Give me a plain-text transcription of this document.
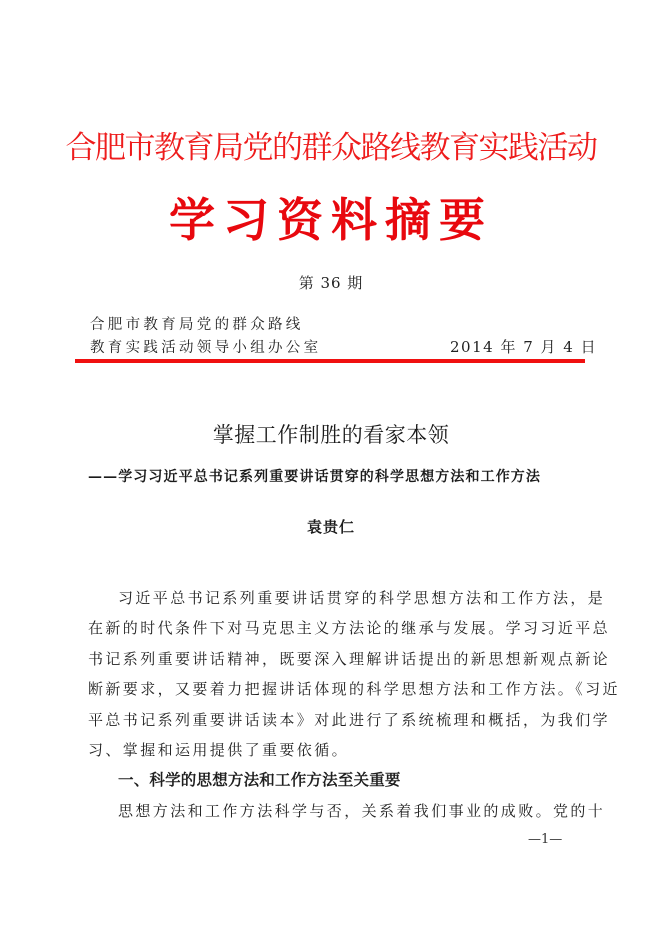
合肥市教育局党的群众路线教育实践活动
学习资料摘要
第 36 期
合肥市教育局党的群众路线
教育实践活动领导小组办公室	2014 年 7 月 4 日
掌握工作制胜的看家本领
——学习习近平总书记系列重要讲话贯穿的科学思想方法和工作方法
袁贵仁
习近平总书记系列重要讲话贯穿的科学思想方法和工作方法，是
在新的时代条件下对马克思主义方法论的继承与发展。学习习近平总
书记系列重要讲话精神，既要深入理解讲话提出的新思想新观点新论
断新要求，又要着力把握讲话体现的科学思想方法和工作方法。《习近
平总书记系列重要讲话读本》对此进行了系统梳理和概括，为我们学
习、掌握和运用提供了重要依循。
一、科学的思想方法和工作方法至关重要
思想方法和工作方法科学与否，关系着我们事业的成败。党的十
—1—
